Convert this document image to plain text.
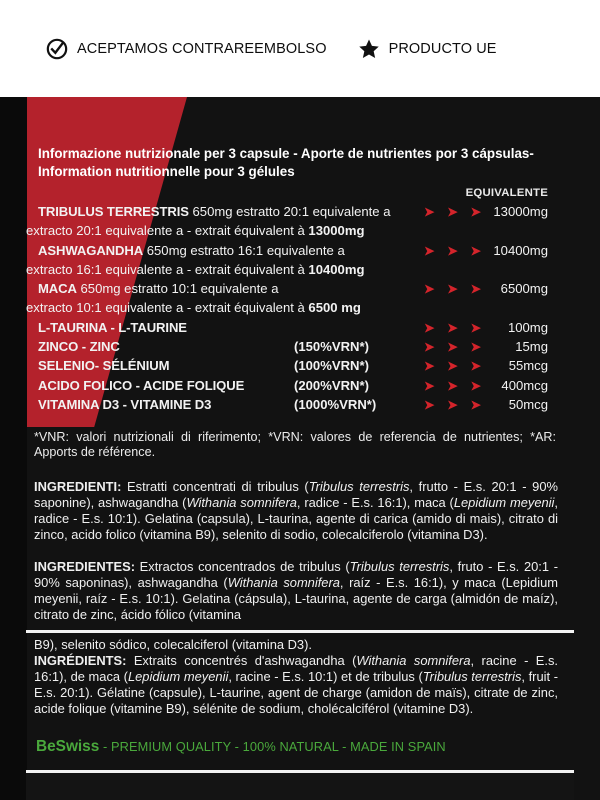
ACEPTAMOS CONTRAREEMBOLSO	PRODUCTO UE
Informazione nutrizionale per 3 capsule - Aporte de nutrientes por 3 cápsulas- Information nutritionnelle pour 3 gélules
EQUIVALENTE
TRIBULUS TERRESTRIS 650mg estratto 20:1 equivalente a	➤ ➤ ➤ 13000mg
extracto 20:1 equivalente a - extrait équivalent à 13000mg
ASHWAGANDHA 650mg estratto 16:1 equivalente a	➤ ➤ ➤ 10400mg
extracto 16:1 equivalente a - extrait équivalent à 10400mg
MACA 650mg estratto 10:1 equivalente a	➤ ➤ ➤	6500mg
extracto 10:1 equivalente a - extrait équivalent à 6500 mg
L-TAURINA - L-TAURINE	➤ ➤ ➤	100mg
ZINCO - ZINC	(150%VRN*)	➤ ➤ ➤	15mg
SELENIO- SÉLÉNIUM	(100%VRN*)	➤ ➤ ➤	55mcg
ACIDO FOLICO - ACIDE FOLIQUE	(200%VRN*)	➤ ➤ ➤	400mcg
VITAMINA D3 - VITAMINE D3	(1000%VRN*)	➤ ➤ ➤	50mcg
*VNR: valori nutrizionali di riferimento; *VRN: valores de referencia de nutrientes; *AR: Apports de référence.
INGREDIENTI: Estratti concentrati di tribulus (Tribulus terrestris, frutto - E.s. 20:1 - 90% saponine), ashwagandha (Withania somnifera, radice - E.s. 16:1), maca (Lepidium meyenii, radice - E.s. 10:1). Gelatina (capsula), L-taurina, agente di carica (amido di mais), citrato di zinco, acido folico (vitamina B9), selenito di sodio, colecalciferolo (vitamina D3).
INGREDIENTES: Extractos concentrados de tribulus (Tribulus terrestris, fruto - E.s. 20:1 - 90% saponinas), ashwagandha (Withania somnifera, raíz - E.s. 16:1), y maca (Lepidium meyenii, raíz - E.s. 10:1). Gelatina (cápsula), L-taurina, agente de carga (almidón de maíz), citrato de zinc, ácido fólico (vitamina
B9), selenito sódico, colecalciferol (vitamina D3).
INGRÉDIENTS: Extraits concentrés d'ashwagandha (Withania somnifera, racine - E.s. 16:1), de maca (Lepidium meyenii, racine - E.s. 10:1) et de tribulus (Tribulus terrestris, fruit - E.s. 20:1). Gélatine (capsule), L-taurine, agent de charge (amidon de maïs), citrate de zinc, acide folique (vitamine B9), sélénite de sodium, cholécalciférol (vitamine D3).
BeSwiss - PREMIUM QUALITY - 100% NATURAL - MADE IN SPAIN
